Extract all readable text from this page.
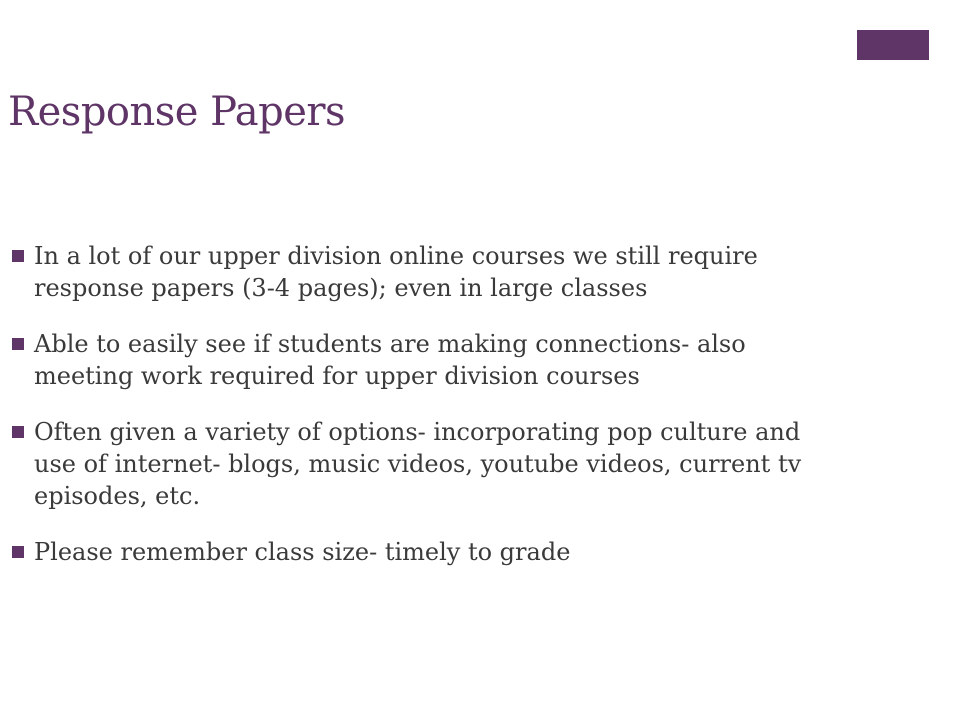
Response Papers
In a lot of our upper division online courses we still require response papers (3-4 pages); even in large classes
Able to easily see if students are making connections- also meeting work required for upper division courses
Often given a variety of options- incorporating pop culture and use of internet- blogs, music videos, youtube videos, current tv episodes, etc.
Please remember class size- timely to grade
